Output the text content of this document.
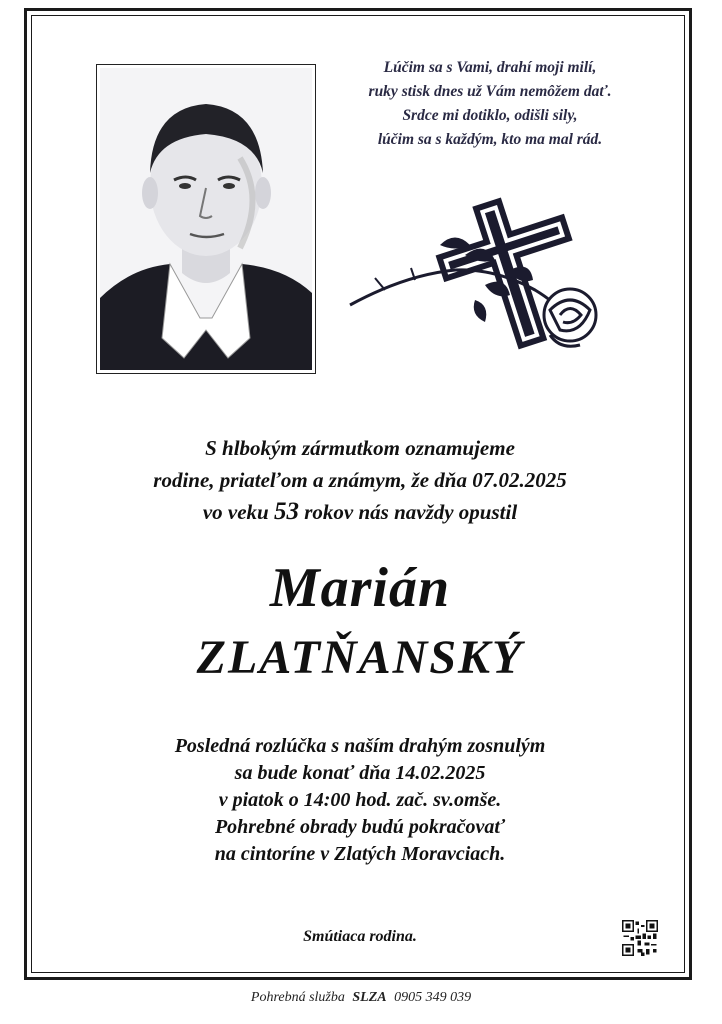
Lúčim sa s Vami, drahí moji milí,
ruky stisk dnes už Vám nemôžem dať.
Srdce mi dotiklo, odišli sily,
lúčim sa s každým, kto ma mal rád.
S hlbokým zármutkom oznamujeme
rodine, priateľom a známym, že dňa 07.02.2025
vo veku 53 rokov nás navždy opustil
Marián
ZLATŇANSKÝ
Posledná rozlúčka s naším drahým zosnulým
sa bude konať dňa 14.02.2025
v piatok o 14:00 hod. zač. sv.omše.
Pohrebné obrady budú pokračovať
na cintoríne v Zlatých Moravciach.
Smútiaca rodina.
Pohrebná služba SLZA 0905 349 039
